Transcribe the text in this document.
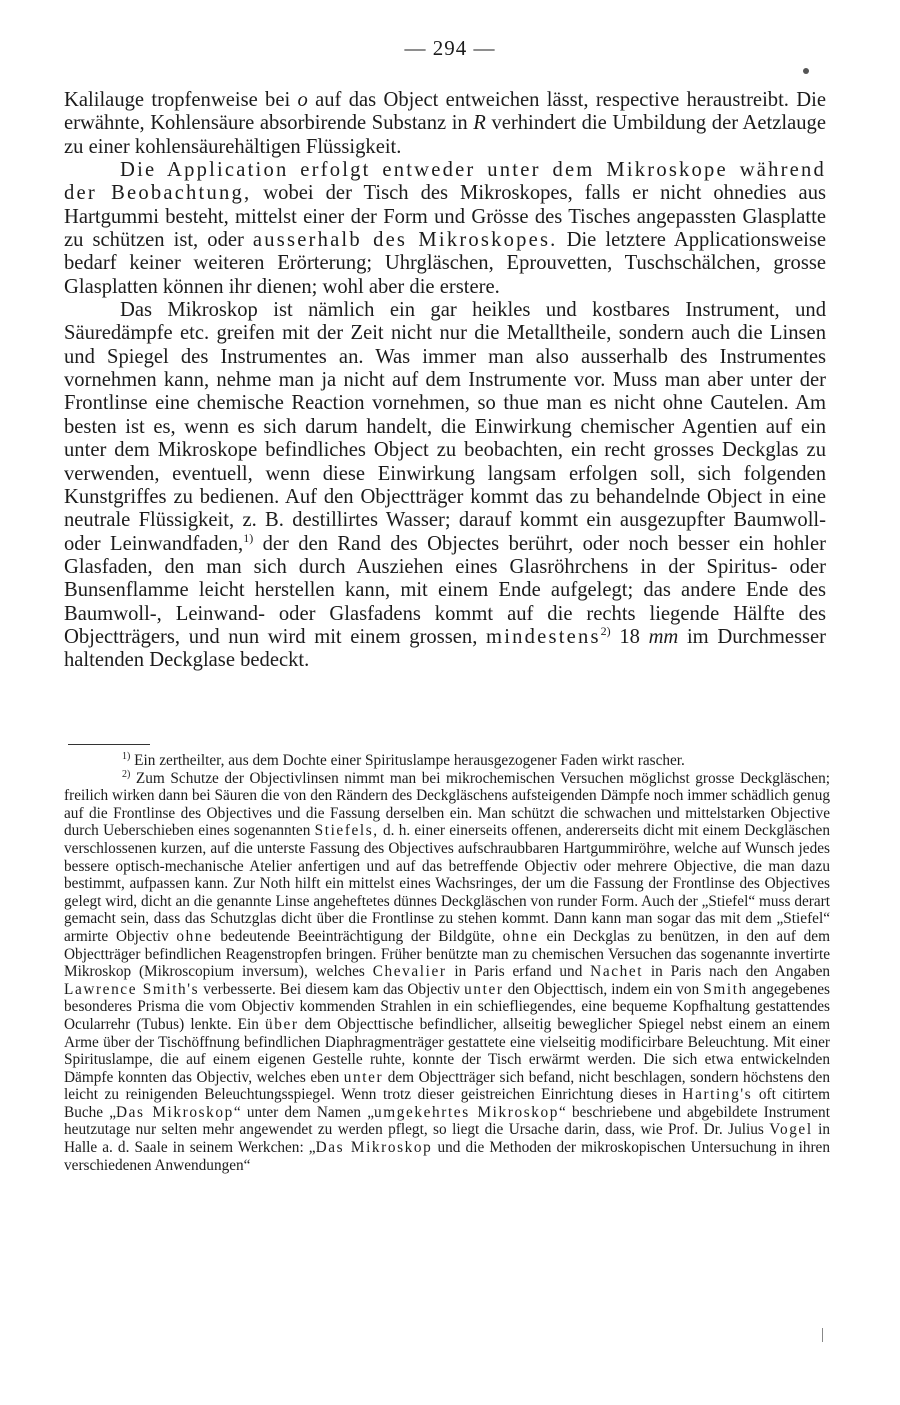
— 294 —

Kalilauge tropfenweise bei o auf das Object entweichen lässt, respective heraustreibt. Die erwähnte, Kohlensäure absorbirende Substanz in R verhindert die Umbildung der Aetzlauge zu einer kohlensäurehältigen Flüssigkeit.

Die Application erfolgt entweder unter dem Mikroskope während der Beobachtung, wobei der Tisch des Mikroskopes, falls er nicht ohnedies aus Hartgummi besteht, mittelst einer der Form und Grösse des Tisches angepassten Glasplatte zu schützen ist, oder ausserhalb des Mikroskopes. Die letztere Applicationsweise bedarf keiner weiteren Erörterung; Uhrgläschen, Eprouvetten, Tuschschälchen, grosse Glasplatten können ihr dienen; wohl aber die erstere.

Das Mikroskop ist nämlich ein gar heikles und kostbares Instrument, und Säuredämpfe etc. greifen mit der Zeit nicht nur die Metalltheile, sondern auch die Linsen und Spiegel des Instrumentes an. Was immer man also ausserhalb des Instrumentes vornehmen kann, nehme man ja nicht auf dem Instrumente vor. Muss man aber unter der Frontlinse eine chemische Reaction vornehmen, so thue man es nicht ohne Cautelen. Am besten ist es, wenn es sich darum handelt, die Einwirkung chemischer Agentien auf ein unter dem Mikroskope befindliches Object zu beobachten, ein recht grosses Deckglas zu verwenden, eventuell, wenn diese Einwirkung langsam erfolgen soll, sich folgenden Kunstgriffes zu bedienen. Auf den Objectträger kommt das zu behandelnde Object in eine neutrale Flüssigkeit, z. B. destillirtes Wasser; darauf kommt ein ausgezupfter Baumwoll- oder Leinwandfaden,$^{1)}$ der den Rand des Objectes berührt, oder noch besser ein hohler Glasfaden, den man sich durch Ausziehen eines Glasröhrchens in der Spiritus- oder Bunsenflamme leicht herstellen kann, mit einem Ende aufgelegt; das andere Ende des Baumwoll-, Leinwand- oder Glasfadens kommt auf die rechts liegende Hälfte des Objectträgers, und nun wird mit einem grossen, mindestens$^{2)}$ 18 mm im Durchmesser haltenden Deckglase bedeckt.

$^{1)}$ Ein zertheilter, aus dem Dochte einer Spirituslampe herausgezogener Faden wirkt rascher.

$^{2)}$ Zum Schutze der Objectivlinsen nimmt man bei mikrochemischen Versuchen möglichst grosse Deckgläschen; freilich wirken dann bei Säuren die von den Rändern des Deckgläschens aufsteigenden Dämpfe noch immer schädlich genug auf die Frontlinse des Objectives und die Fassung derselben ein. Man schützt die schwachen und mittelstarken Objective durch Ueberschieben eines sogenannten Stiefels, d. h. einer einerseits offenen, andererseits dicht mit einem Deckgläschen verschlossenen kurzen, auf die unterste Fassung des Objectives aufschraubbaren Hartgummiröhre, welche auf Wunsch jedes bessere optisch-mechanische Atelier anfertigen und auf das betreffende Objectiv oder mehrere Objective, die man dazu bestimmt, aufpassen kann. Zur Noth hilft ein mittelst eines Wachsringes, der um die Fassung der Frontlinse des Objectives gelegt wird, dicht an die genannte Linse angeheftetes dünnes Deckgläschen von runder Form. Auch der „Stiefel“ muss derart gemacht sein, dass das Schutzglas dicht über die Frontlinse zu stehen kommt. Dann kann man sogar das mit dem „Stiefel“ armirte Objectiv ohne bedeutende Beeinträchtigung der Bildgüte, ohne ein Deckglas zu benützen, in den auf dem Objectträger befindlichen Reagenstropfen bringen. Früher benützte man zu chemischen Versuchen das sogenannte invertirte Mikroskop (Mikroscopium inversum), welches Chevalier in Paris erfand und Nachet in Paris nach den Angaben Lawrence Smith's verbesserte. Bei diesem kam das Objectiv unter den Objecttisch, indem ein von Smith angegebenes besonderes Prisma die vom Objectiv kommenden Strahlen in ein schiefliegendes, eine bequeme Kopfhaltung gestattendes Ocularrehr (Tubus) lenkte. Ein über dem Objecttische befindlicher, allseitig beweglicher Spiegel nebst einem an einem Arme über der Tischöffnung befindlichen Diaphragmenträger gestattete eine vielseitig modificirbare Beleuchtung. Mit einer Spirituslampe, die auf einem eigenen Gestelle ruhte, konnte der Tisch erwärmt werden. Die sich etwa entwickelnden Dämpfe konnten das Objectiv, welches eben unter dem Objectträger sich befand, nicht beschlagen, sondern höchstens den leicht zu reinigenden Beleuchtungsspiegel. Wenn trotz dieser geistreichen Einrichtung dieses in Harting's oft citirtem Buche „Das Mikroskop“ unter dem Namen „umgekehrtes Mikroskop“ beschriebene und abgebildete Instrument heutzutage nur selten mehr angewendet zu werden pflegt, so liegt die Ursache darin, dass, wie Prof. Dr. Julius Vogel in Halle a. d. Saale in seinem Werkchen: „Das Mikroskop und die Methoden der mikroskopischen Untersuchung in ihren verschiedenen Anwendungen“
